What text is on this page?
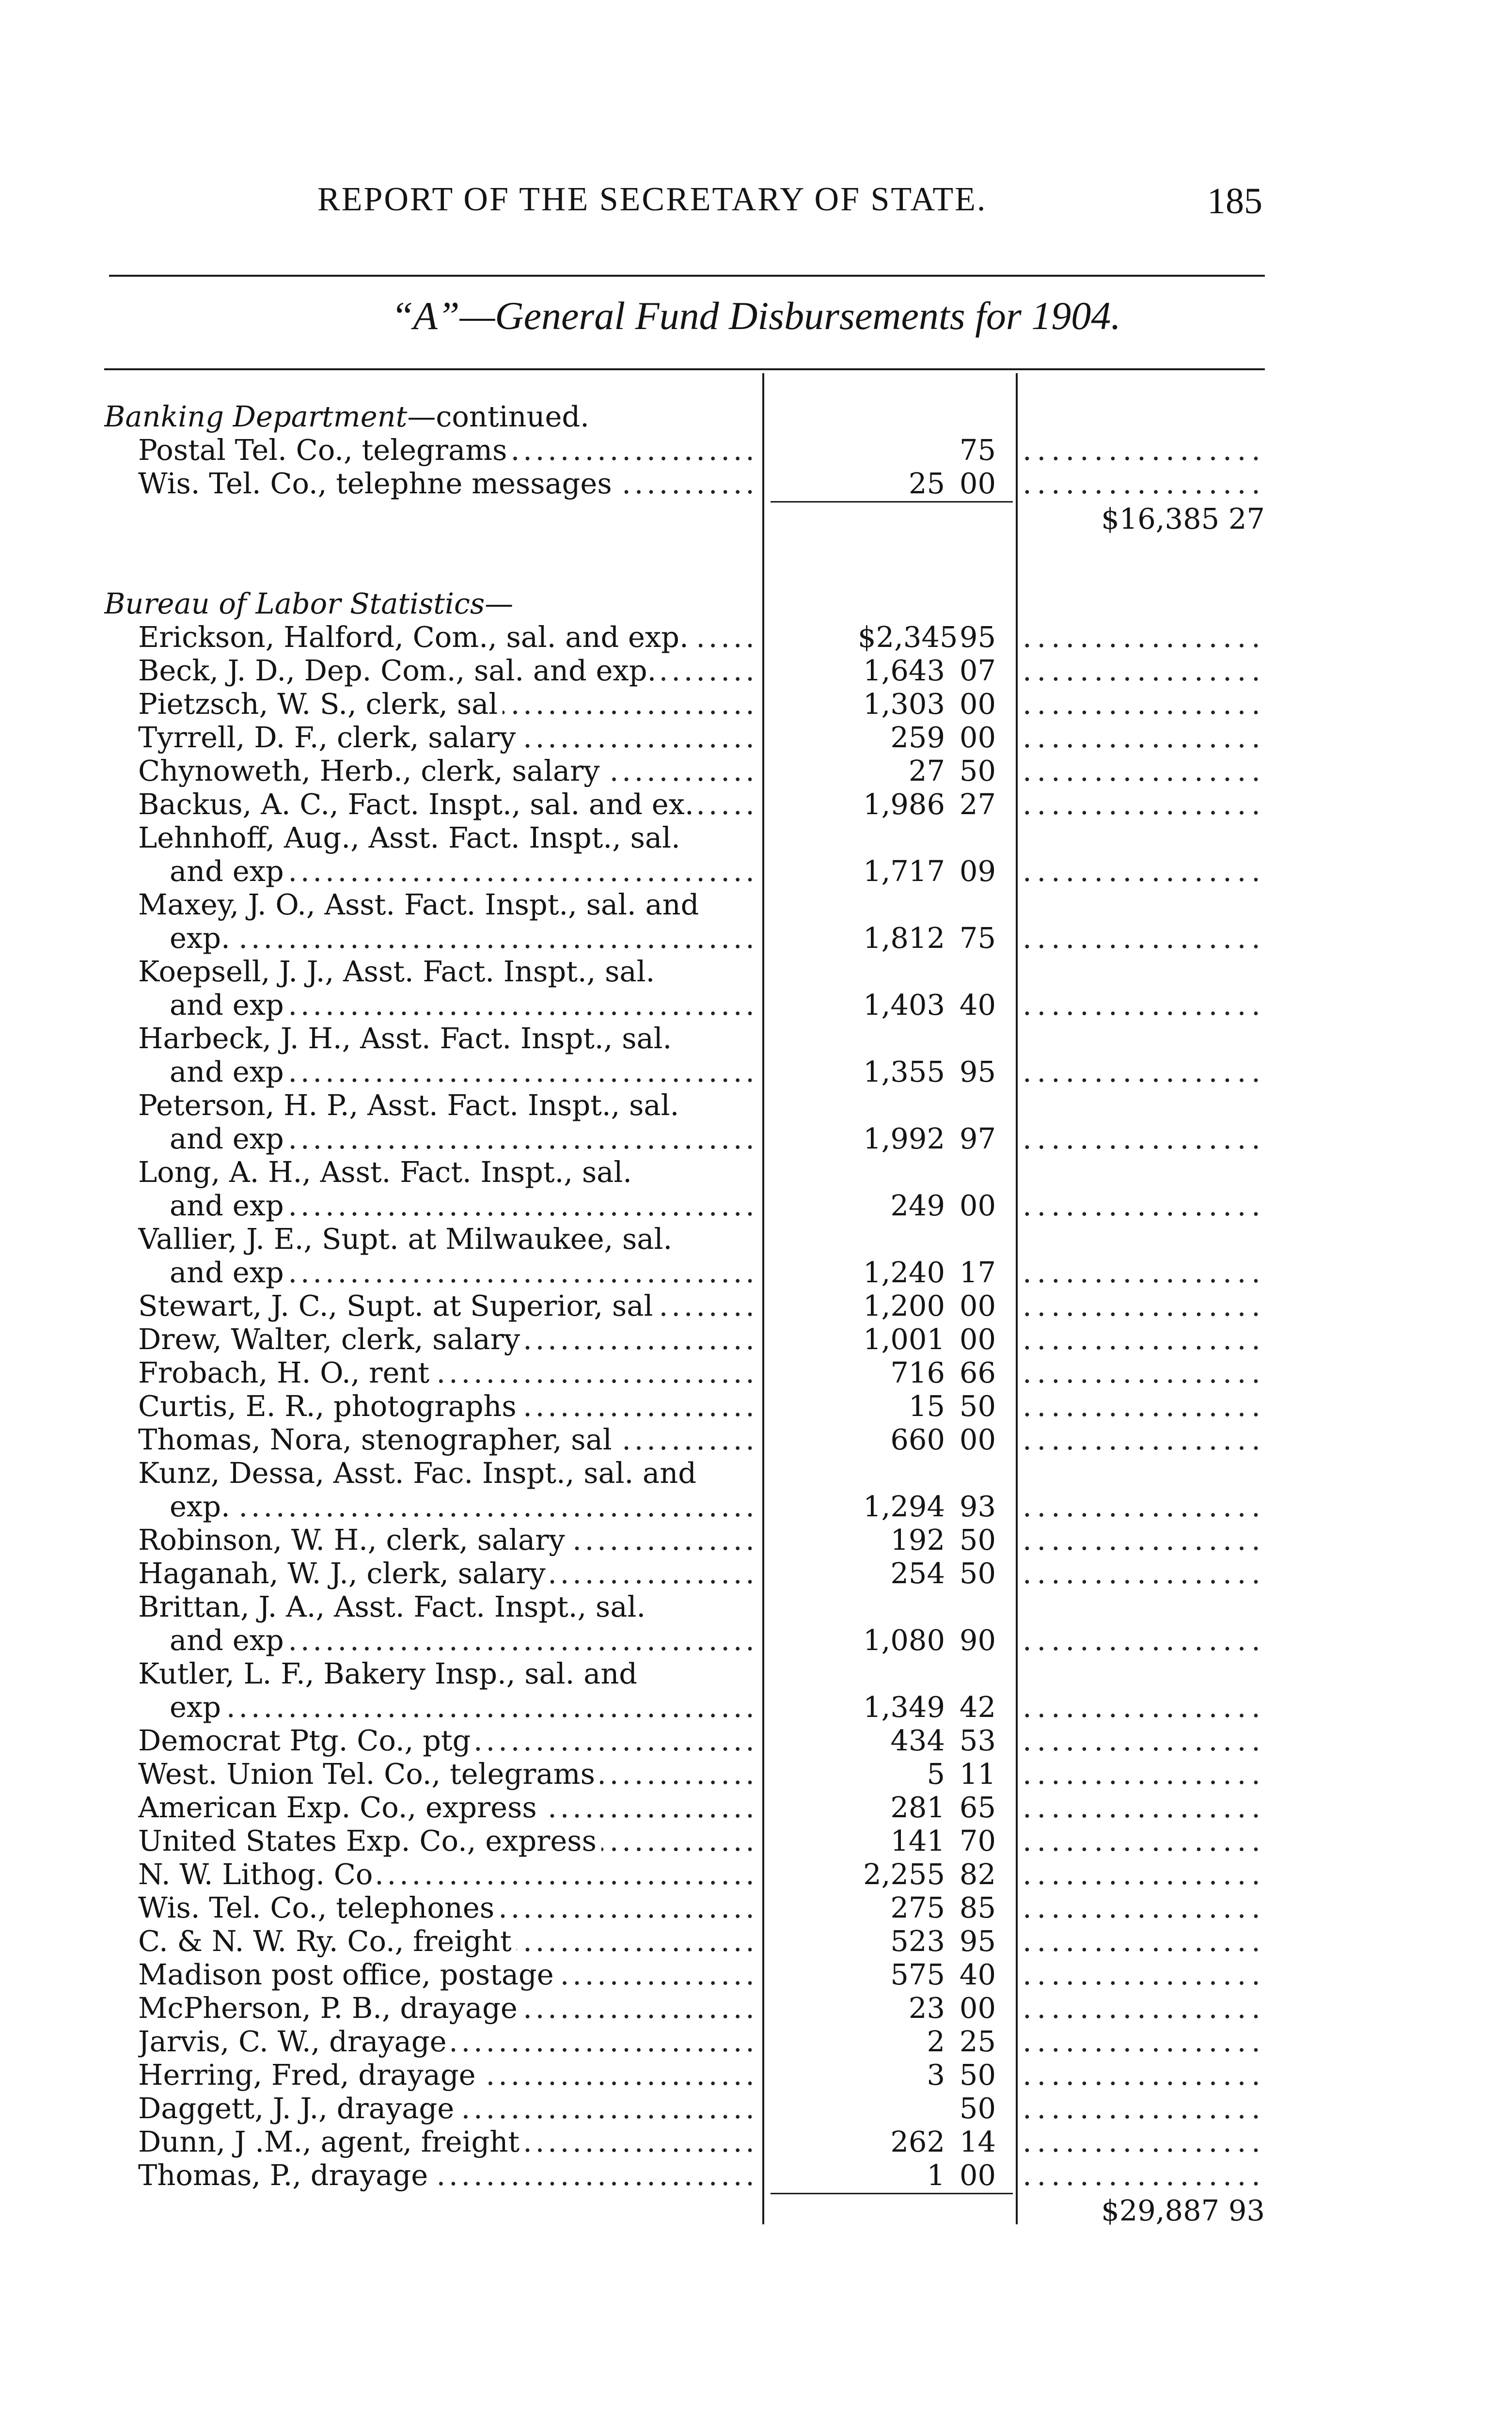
REPORT OF THE SECRETARY OF STATE.	185
“A”—General Fund Disbursements for 1904.
Banking Department—continued.
. . .
Postal Tel. Co., telegrams	75
. . .
. . .
Wis. Tel. Co., telephne messages	25 00
. . .
$16,385 27
Bureau of Labor Statistics—
. . .
Erickson, Halford, Com., sal. and exp.	$2,345 95
. . .
. . .
Beck, J. D., Dep. Com., sal. and exp.	1,643 07
. . .
. . .
Pietzsch, W. S., clerk, sal	1,303 00
. . .
. . .
Tyrrell, D. F., clerk, salary	259 00
. . .
. . .
Chynoweth, Herb., clerk, salary	27 50
. . .
. . .
Backus, A. C., Fact. Inspt., sal. and ex.	1,986 27
. . .
Lehnhoff, Aug., Asst. Fact. Inspt., sal.
. . .
and exp	1,717 09
. . .
Maxey, J. O., Asst. Fact. Inspt., sal. and
. . .
exp.	1,812 75
. . .
Koepsell, J. J., Asst. Fact. Inspt., sal.
. . .
and exp	1,403 40
. . .
Harbeck, J. H., Asst. Fact. Inspt., sal.
. . .
and exp	1,355 95
. . .
Peterson, H. P., Asst. Fact. Inspt., sal.
. . .
and exp	1,992 97
. . .
Long, A. H., Asst. Fact. Inspt., sal.
. . .
and exp	249 00
. . .
Vallier, J. E., Supt. at Milwaukee, sal.
. . .
and exp	1,240 17
. . .
. . .
Stewart, J. C., Supt. at Superior, sal	1,200 00
. . .
. . .
Drew, Walter, clerk, salary	1,001 00
. . .
. . .
Frobach, H. O., rent	716 66
. . .
. . .
Curtis, E. R., photographs	15 50
. . .
. . .
Thomas, Nora, stenographer, sal	660 00
. . .
Kunz, Dessa, Asst. Fac. Inspt., sal. and
. . .
exp.	1,294 93
. . .
. . .
Robinson, W. H., clerk, salary	192 50
. . .
. . .
Haganah, W. J., clerk, salary	254 50
. . .
Brittan, J. A., Asst. Fact. Inspt., sal.
. . .
and exp	1,080 90
. . .
Kutler, L. F., Bakery Insp., sal. and
. . .
exp	1,349 42
. . .
. . .
Democrat Ptg. Co., ptg	434 53
. . .
. . .
West. Union Tel. Co., telegrams	5 11
. . .
. . .
American Exp. Co., express	281 65
. . .
. . .
United States Exp. Co., express	141 70
. . .
. . .
N. W. Lithog. Co	2,255 82
. . .
. . .
Wis. Tel. Co., telephones	275 85
. . .
. . .
C. & N. W. Ry. Co., freight	523 95
. . .
. . .
Madison post office, postage	575 40
. . .
. . .
McPherson, P. B., drayage	23 00
. . .
. . .
Jarvis, C. W., drayage	2 25
. . .
. . .
Herring, Fred, drayage	3 50
. . .
. . .
Daggett, J. J., drayage	50
. . .
. . .
Dunn, J .M., agent, freight	262 14
. . .
. . .
Thomas, P., drayage	1 00
. . .
$29,887 93
